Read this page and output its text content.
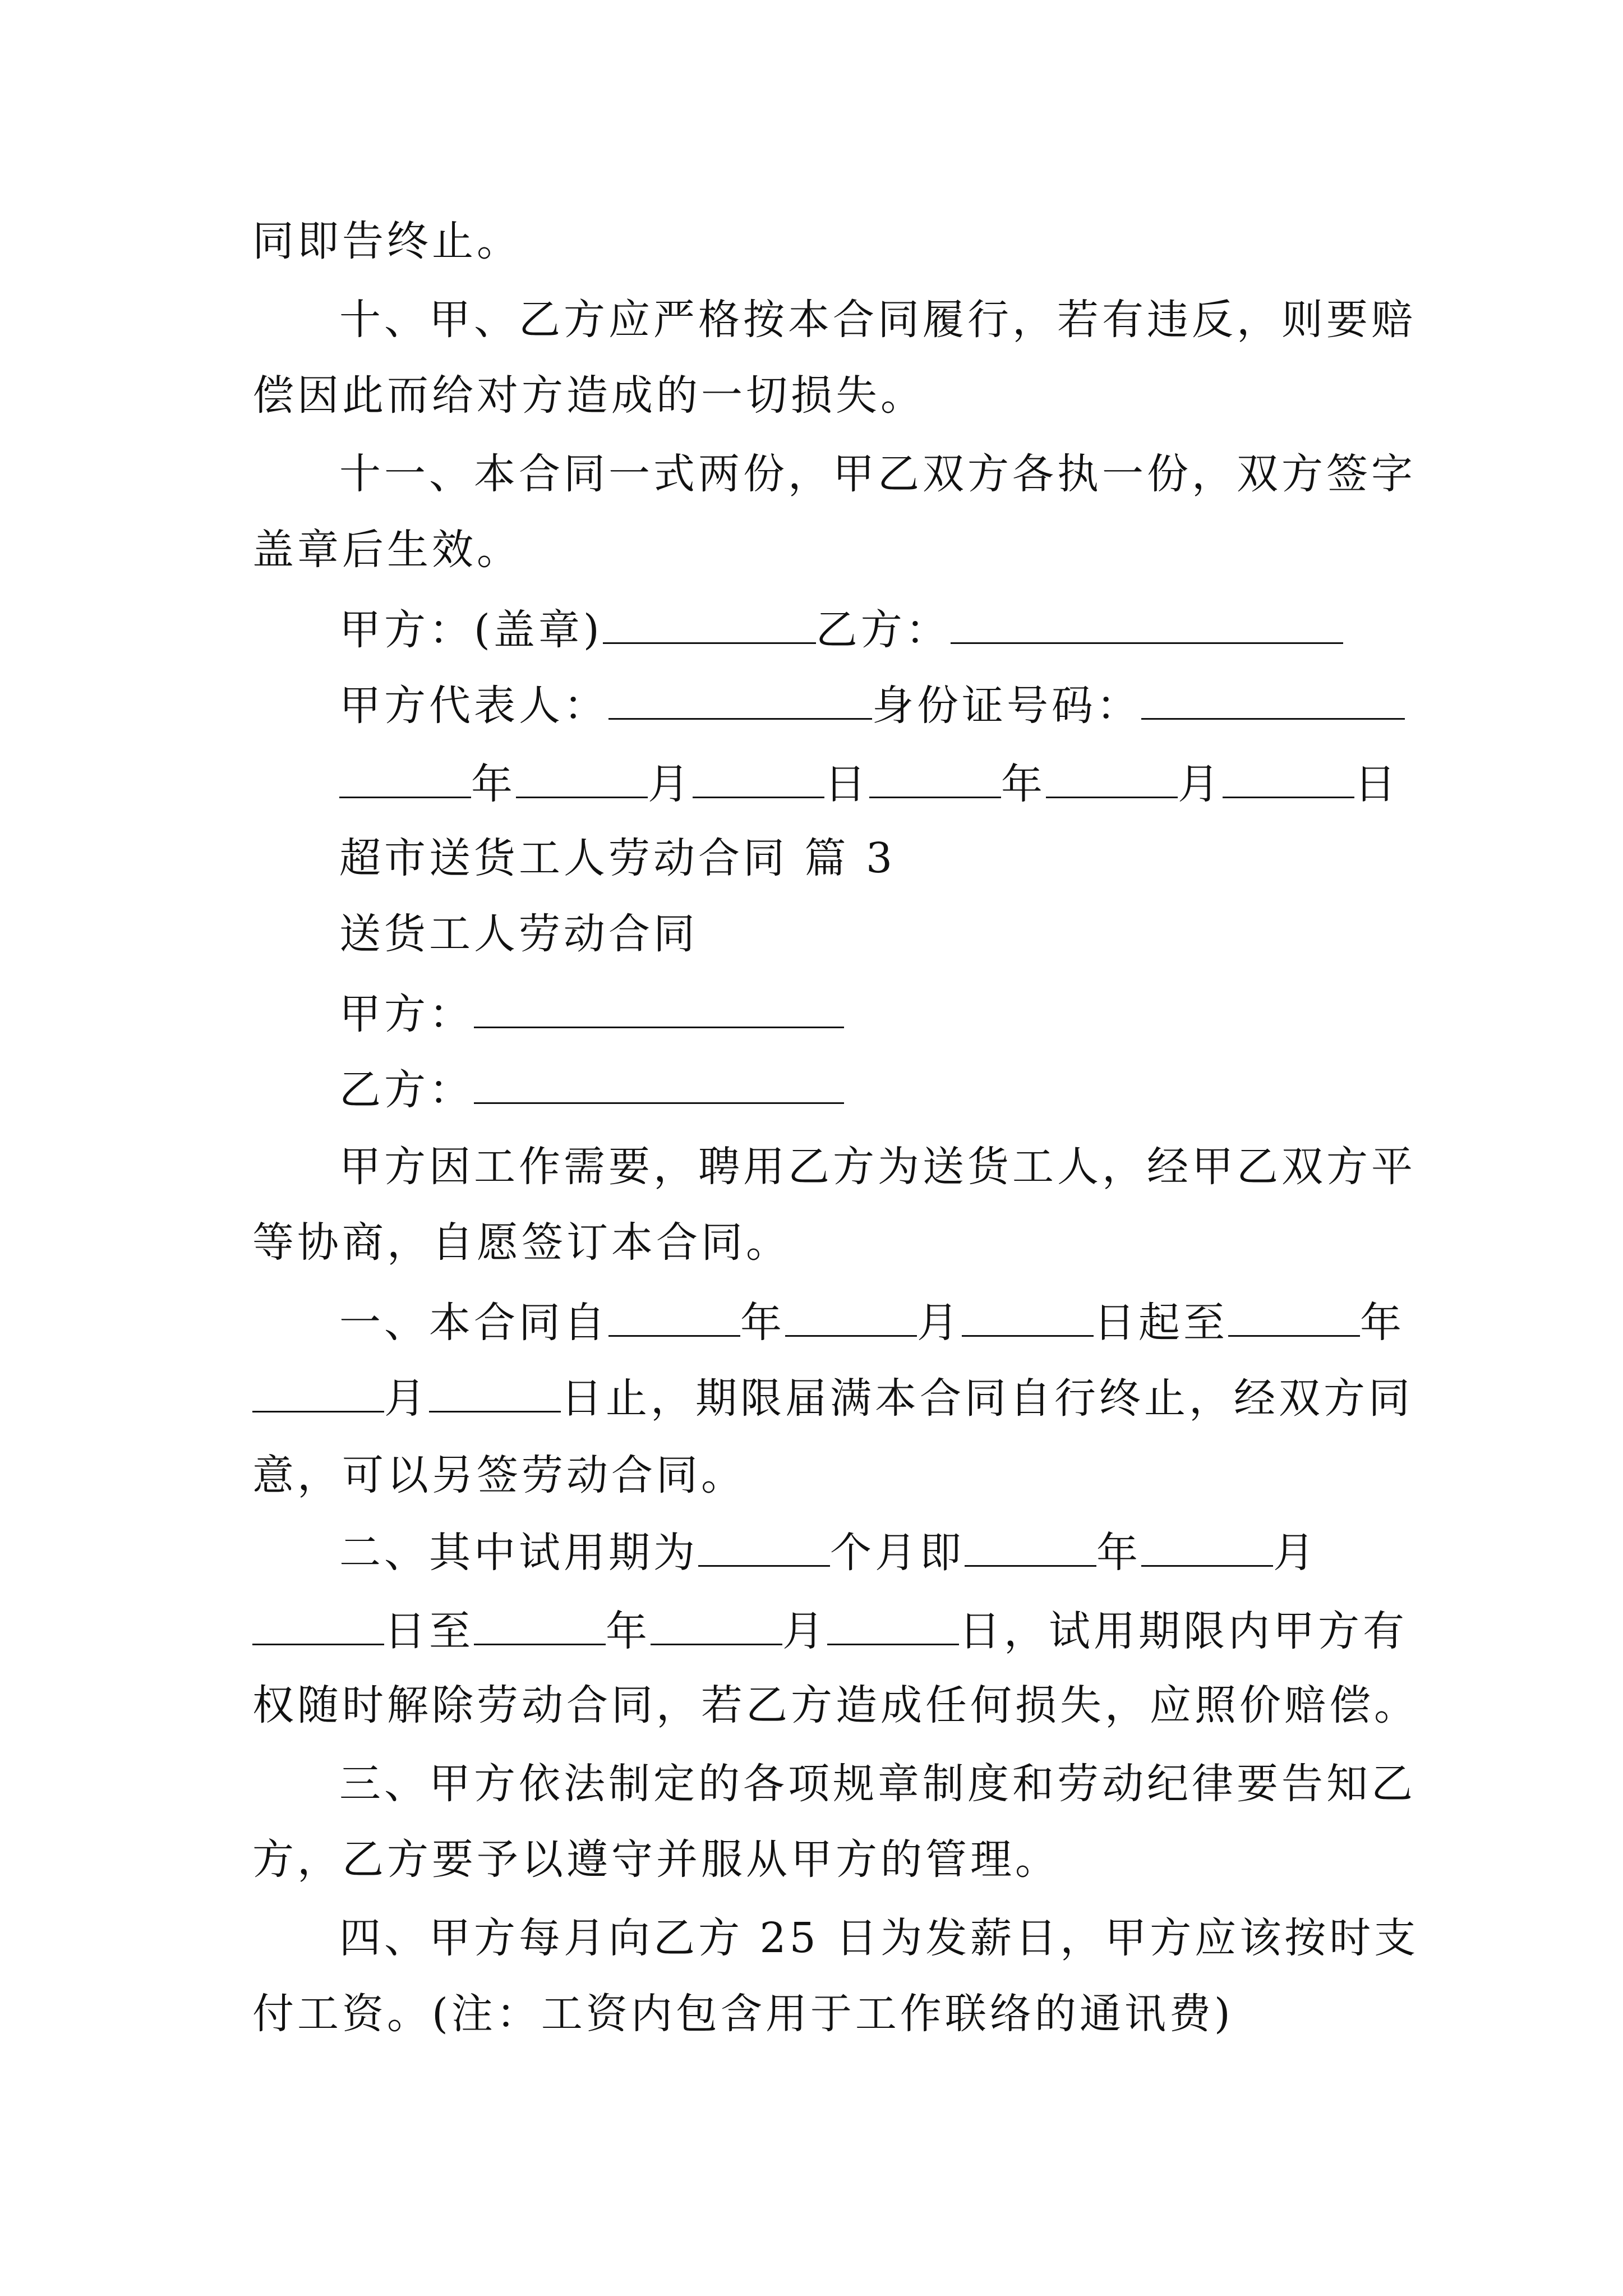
同即告终止。
十、甲、乙方应严格按本合同履行，若有违反，则要赔
偿因此而给对方造成的一切损失。
十一、本合同一式两份，甲乙双方各执一份，双方签字
盖章后生效。
甲方：(盖章)	乙方：
甲方代表人：	身份证号码：
年	月	日	年	月	日
超市送货工人劳动合同 篇 3
送货工人劳动合同
甲方：
乙方：
甲方因工作需要，聘用乙方为送货工人，经甲乙双方平
等协商，自愿签订本合同。
一、本合同自	年	月	日起至	年
月	日止，期限届满本合同自行终止，经双方同
意，可以另签劳动合同。
二、其中试用期为	个月即	年	月
日至	年	月	日，试用期限内甲方有
权随时解除劳动合同，若乙方造成任何损失，应照价赔偿。
三、甲方依法制定的各项规章制度和劳动纪律要告知乙
方，乙方要予以遵守并服从甲方的管理。
四、甲方每月向乙方 25 日为发薪日，甲方应该按时支
付工资。(注：工资内包含用于工作联络的通讯费)
